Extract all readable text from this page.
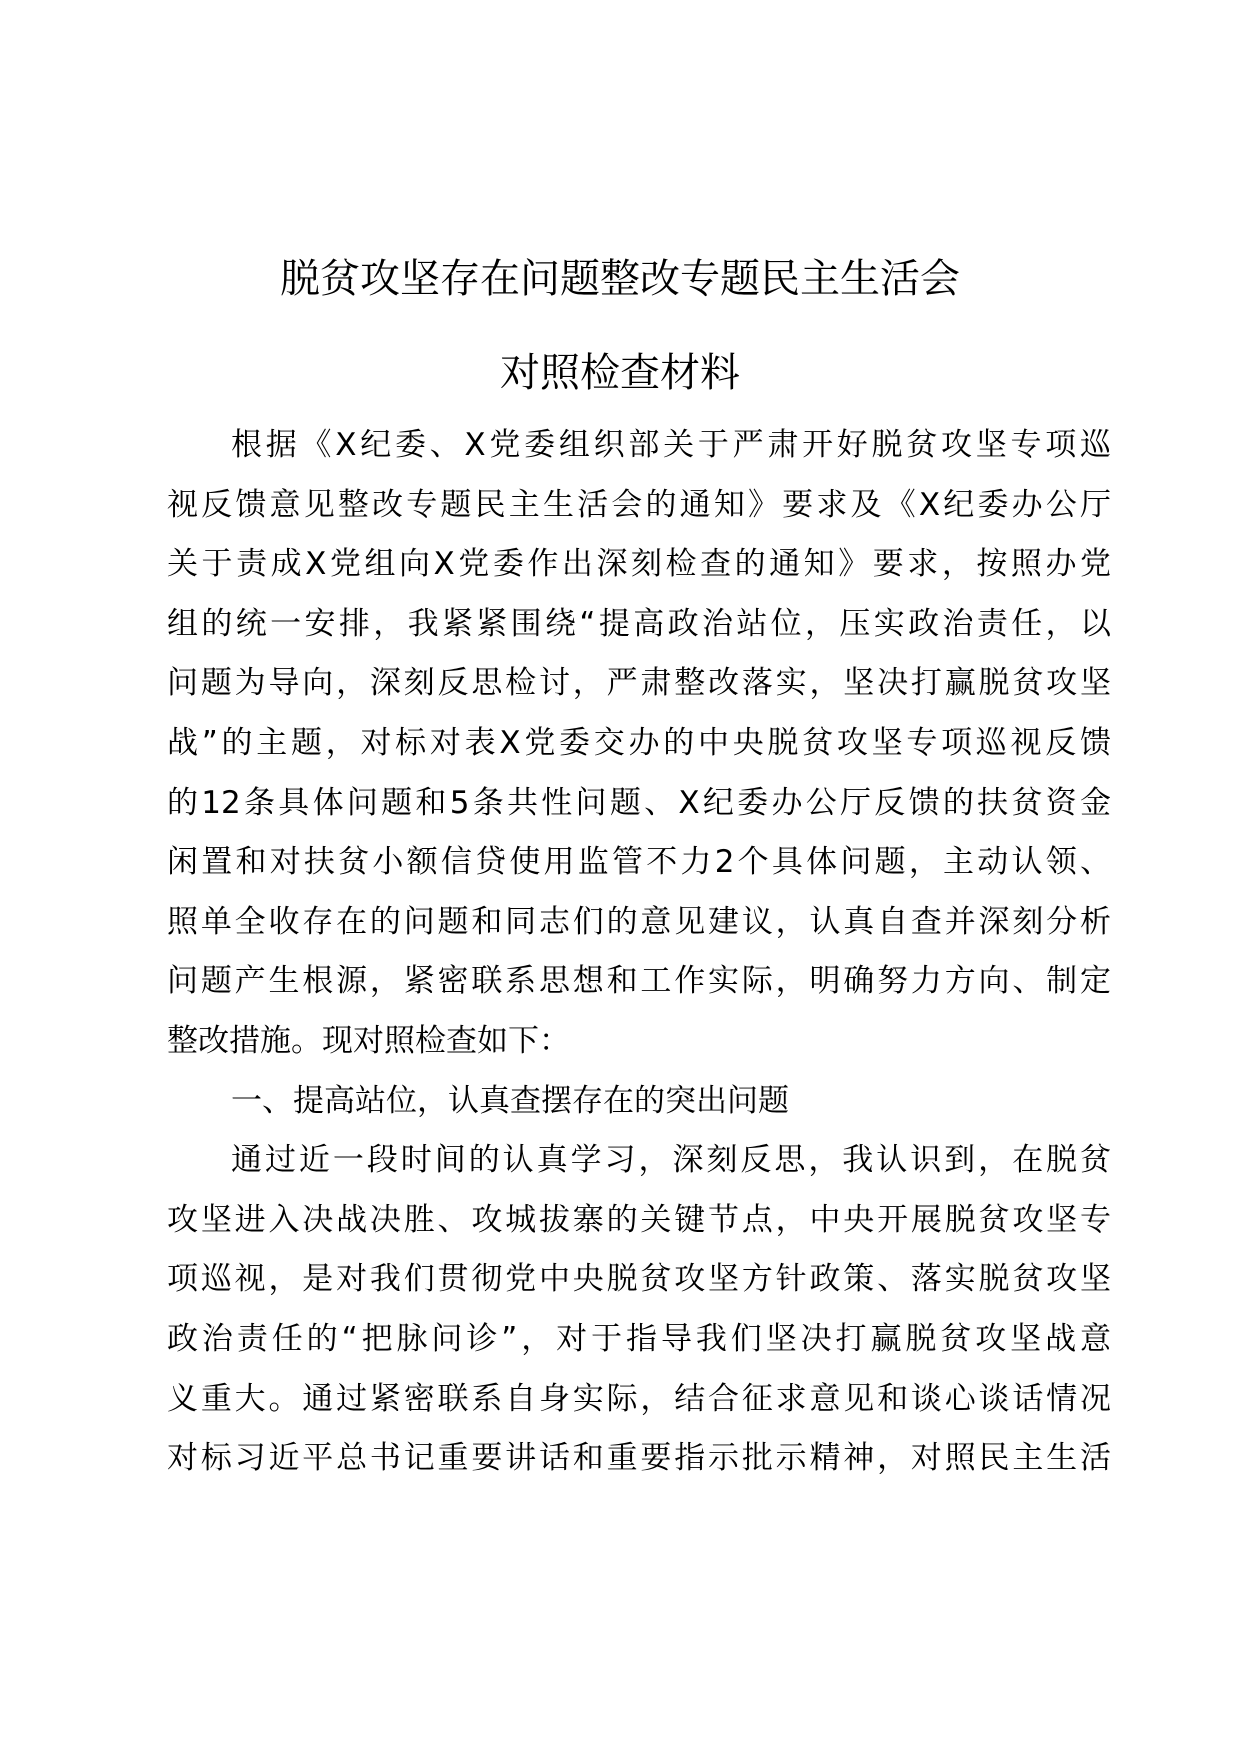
脱贫攻坚存在问题整改专题民主生活会
对照检查材料
根据《X纪委、X党委组织部关于严肃开好脱贫攻坚专项巡
视反馈意见整改专题民主生活会的通知》要求及《X纪委办公厅
关于责成X党组向X党委作出深刻检查的通知》要求，按照办党
组的统一安排，我紧紧围绕“提高政治站位，压实政治责任，以
问题为导向，深刻反思检讨，严肃整改落实，坚决打赢脱贫攻坚
战”的主题，对标对表X党委交办的中央脱贫攻坚专项巡视反馈
的12条具体问题和5条共性问题、X纪委办公厅反馈的扶贫资金
闲置和对扶贫小额信贷使用监管不力2个具体问题，主动认领、
照单全收存在的问题和同志们的意见建议，认真自查并深刻分析
问题产生根源，紧密联系思想和工作实际，明确努力方向、制定
整改措施。现对照检查如下：
一、提高站位，认真查摆存在的突出问题
通过近一段时间的认真学习，深刻反思，我认识到，在脱贫
攻坚进入决战决胜、攻城拔寨的关键节点，中央开展脱贫攻坚专
项巡视，是对我们贯彻党中央脱贫攻坚方针政策、落实脱贫攻坚
政治责任的“把脉问诊”，对于指导我们坚决打赢脱贫攻坚战意
义重大。通过紧密联系自身实际，结合征求意见和谈心谈话情况
对标习近平总书记重要讲话和重要指示批示精神，对照民主生活
